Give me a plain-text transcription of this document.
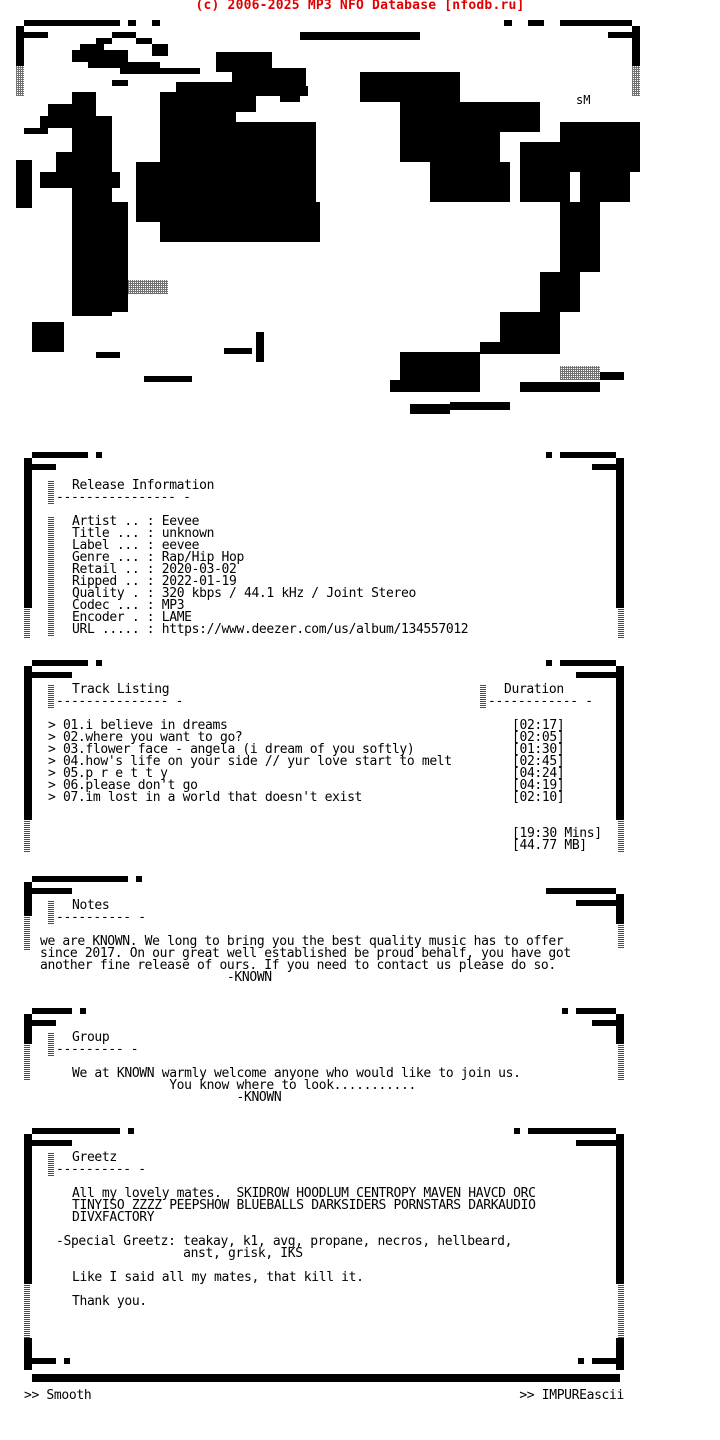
(c) 2006-2025 MP3 NFO Database [nfodb.ru]
sM
Release Information
---------------- -
Artist .. : Eevee
Title ... : unknown
Label ... : eevee
Genre ... : Rap/Hip Hop
Retail .. : 2020-03-02
Ripped .. : 2022-01-19
Quality . : 320 kbps / 44.1 kHz / Joint Stereo
Codec ... : MP3
Encoder . : LAME
URL ..... : https://www.deezer.com/us/album/134557012
Track Listing
--------------- -
Duration
------------ -
> 01.i believe in dreams
> 02.where you want to go?
> 03.flower face - angela (i dream of you softly)
> 04.how's life on your side // yur love start to melt
> 05.p r e t t y
> 06.please don't go
> 07.im lost in a world that doesn't exist
[02:17]
[02:05]
[01:30]
[02:45]
[04:24]
[04:19]
[02:10]
[19:30 Mins]
[44.77 MB]
Notes
---------- -
we are KNOWN. We long to bring you the best quality music has to offer
since 2017. On our great well established be proud behalf, you have got
another fine release of ours. If you need to contact us please do so.
-KNOWN
Group
--------- -
We at KNOWN warmly welcome anyone who would like to join us.
You know where to look...........
-KNOWN
Greetz
---------- -
All my lovely mates.  SKIDROW HOODLUM CENTROPY MAVEN HAVCD ORC
TINYISO ZZZZ PEEPSHOW BLUEBALLS DARKSIDERS PORNSTARS DARKAUDIO
DIVXFACTORY
-Special Greetz: teakay, k1, avg, propane, necros, hellbeard,
anst, grisk, IKS
Like I said all my mates, that kill it.

Thank you.
>> Smooth	>> IMPUREascii
